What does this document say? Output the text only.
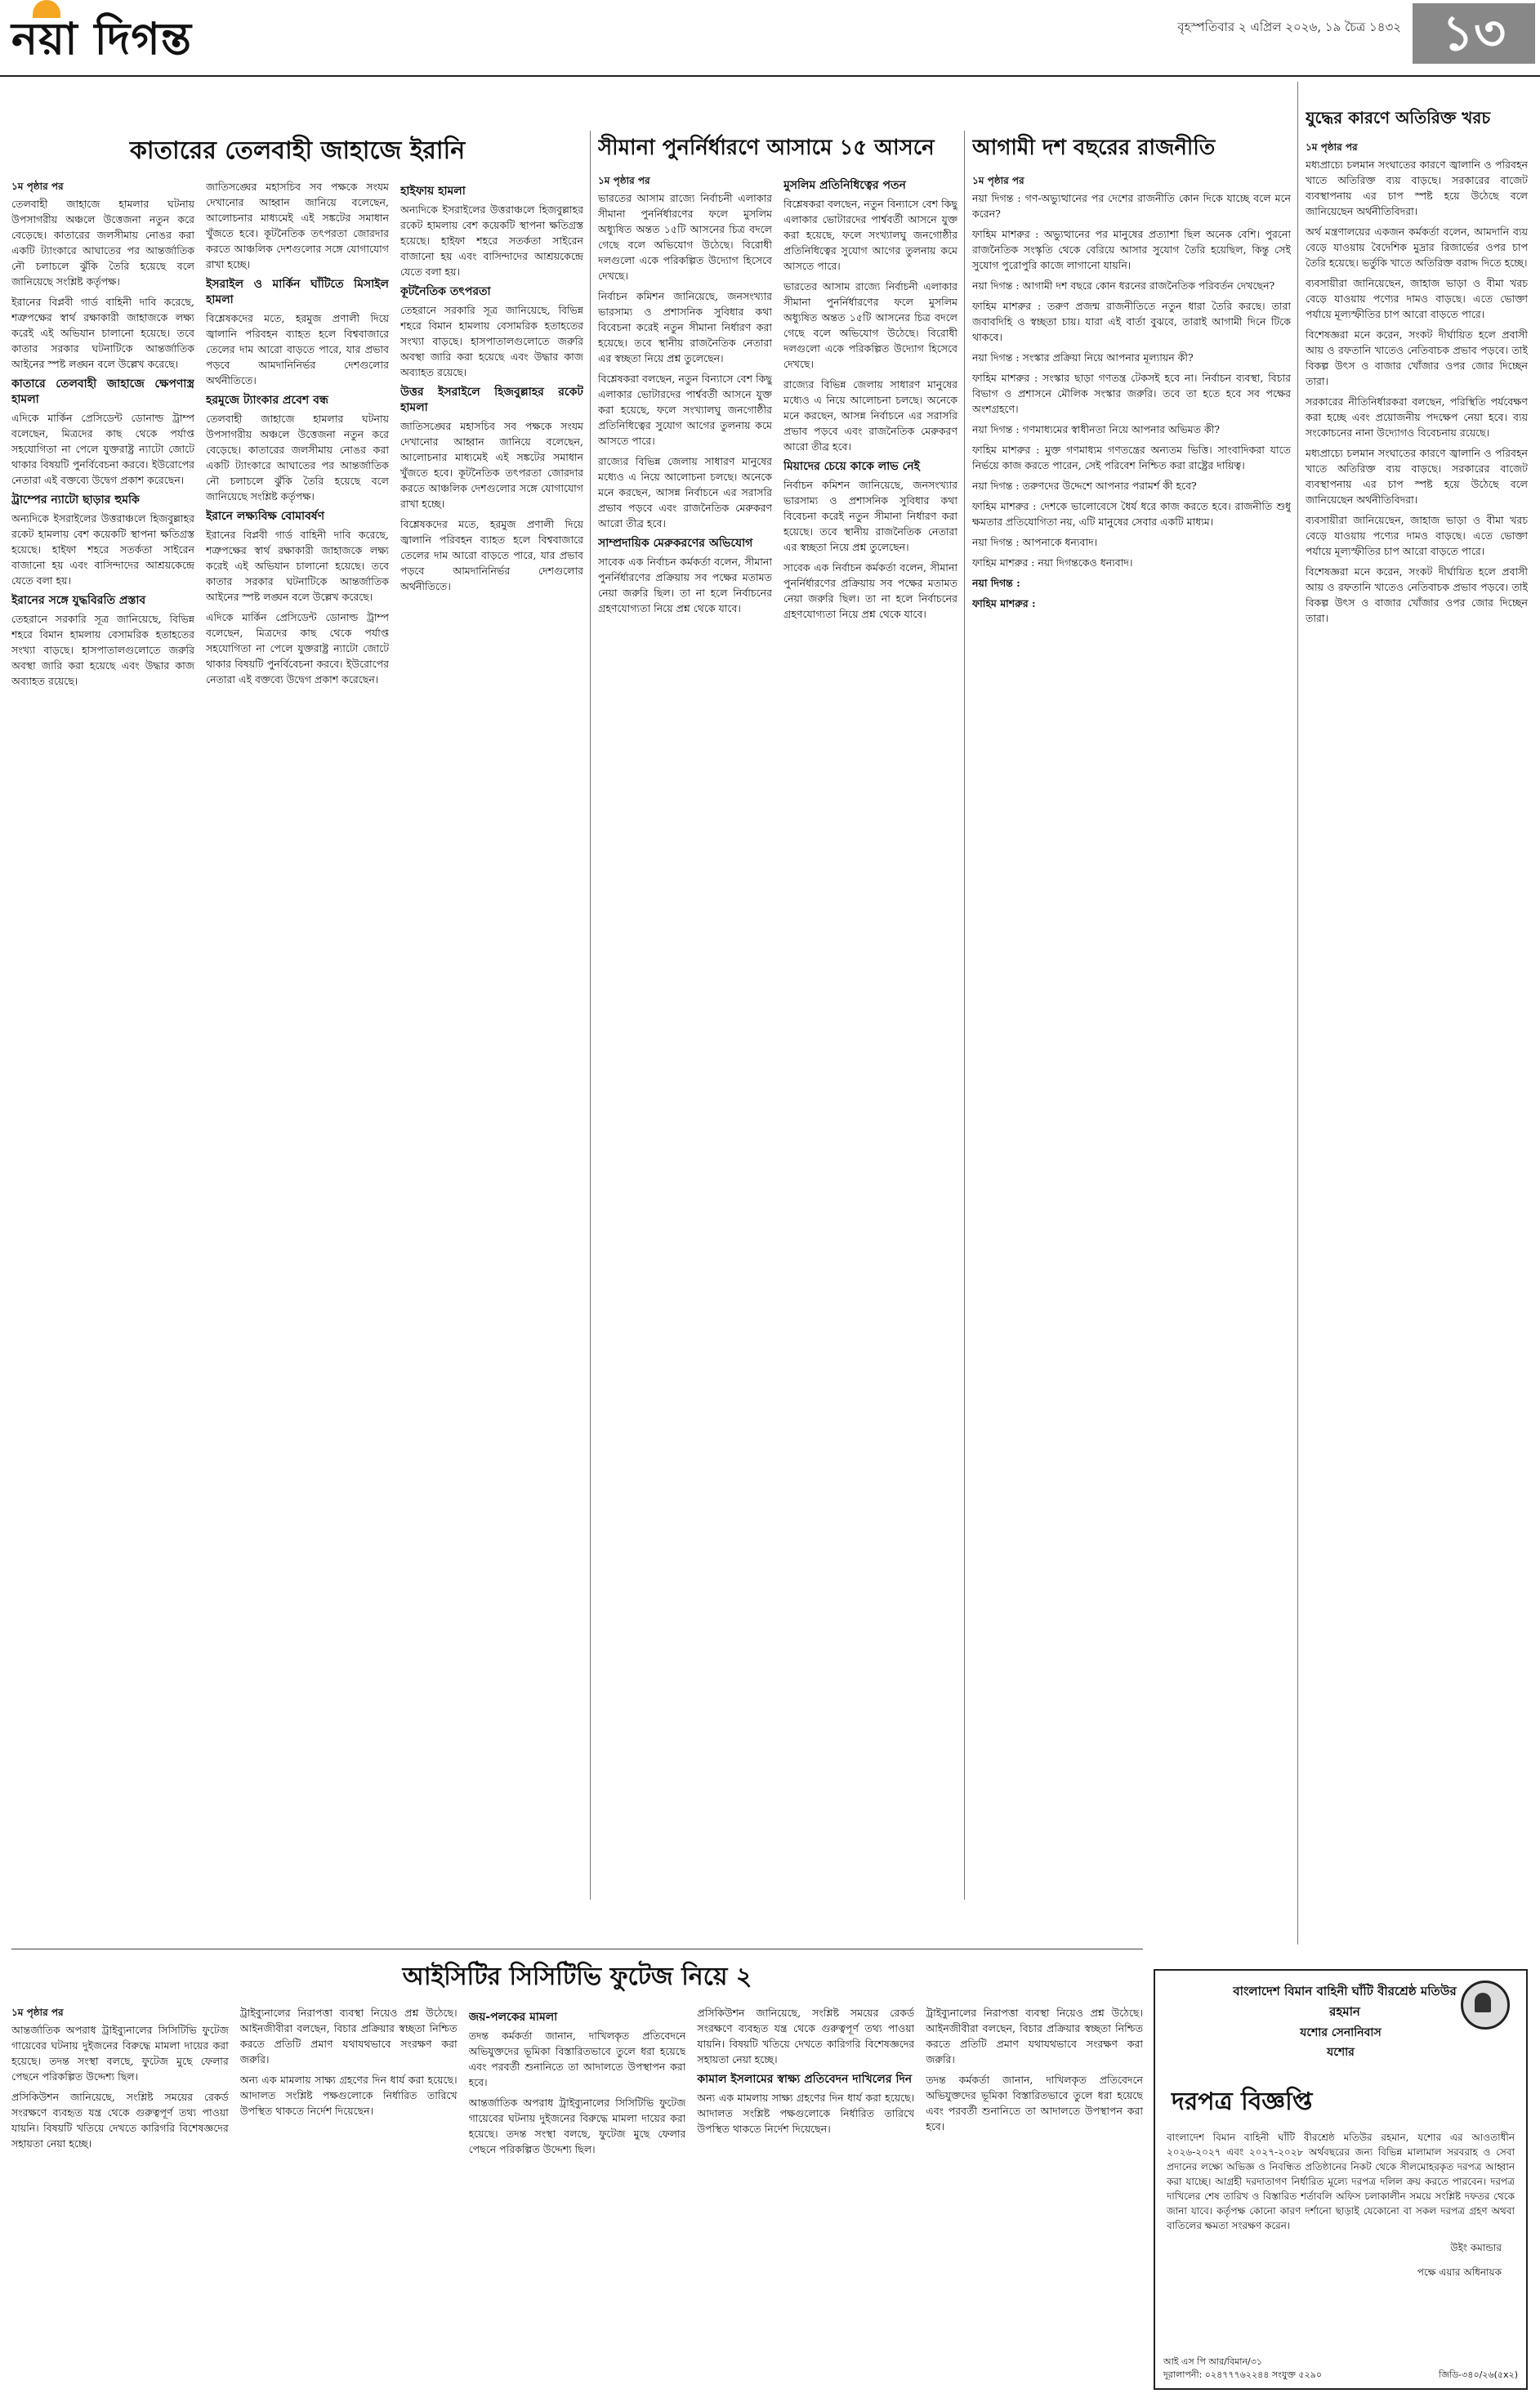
নয়া দিগন্ত	বৃহস্পতিবার ২ এপ্রিল ২০২৬, ১৯ চৈত্র ১৪৩২ ১৩
কাতারের তেলবাহী জাহাজে ইরানি
১ম পৃষ্ঠার পর

তেলবাহী জাহাজে হামলার ঘটনায় উপসাগরীয় অঞ্চলে উত্তেজনা নতুন করে বেড়েছে। কাতারের জলসীমায় নোঙর করা একটি ট্যাংকারে আঘাতের পর আন্তর্জাতিক নৌ চলাচলে ঝুঁকি তৈরি হয়েছে বলে জানিয়েছে সংশ্লিষ্ট কর্তৃপক্ষ।

ইরানের বিপ্লবী গার্ড বাহিনী দাবি করেছে, শত্রুপক্ষের স্বার্থ রক্ষাকারী জাহাজকে লক্ষ্য করেই এই অভিযান চালানো হয়েছে। তবে কাতার সরকার ঘটনাটিকে আন্তর্জাতিক আইনের স্পষ্ট লঙ্ঘন বলে উল্লেখ করেছে।

কাতারে তেলবাহী জাহাজে ক্ষেপণাস্ত্র হামলা

এদিকে মার্কিন প্রেসিডেন্ট ডোনাল্ড ট্রাম্প বলেছেন, মিত্রদের কাছ থেকে পর্যাপ্ত সহযোগিতা না পেলে যুক্তরাষ্ট্র ন্যাটো জোটে থাকার বিষয়টি পুনর্বিবেচনা করবে। ইউরোপের নেতারা এই বক্তব্যে উদ্বেগ প্রকাশ করেছেন।

ট্রাম্পের ন্যাটো ছাড়ার হুমকি

অন্যদিকে ইসরাইলের উত্তরাঞ্চলে হিজবুল্লাহর রকেট হামলায় বেশ কয়েকটি স্থাপনা ক্ষতিগ্রস্ত হয়েছে। হাইফা শহরে সতর্কতা সাইরেন বাজানো হয় এবং বাসিন্দাদের আশ্রয়কেন্দ্রে যেতে বলা হয়।

ইরানের সঙ্গে যুদ্ধবিরতি প্রস্তাব

তেহরানে সরকারি সূত্র জানিয়েছে, বিভিন্ন শহরে বিমান হামলায় বেসামরিক হতাহতের সংখ্যা বাড়ছে। হাসপাতালগুলোতে জরুরি অবস্থা জারি করা হয়েছে এবং উদ্ধার কাজ অব্যাহত রয়েছে।

জাতিসঙ্ঘের মহাসচিব সব পক্ষকে সংযম দেখানোর আহ্বান জানিয়ে বলেছেন, আলোচনার মাধ্যমেই এই সঙ্কটের সমাধান খুঁজতে হবে। কূটনৈতিক তৎপরতা জোরদার করতে আঞ্চলিক দেশগুলোর সঙ্গে যোগাযোগ রাখা হচ্ছে।

ইসরাইল ও মার্কিন ঘাঁটিতে মিসাইল হামলা

বিশ্লেষকদের মতে, হরমুজ প্রণালী দিয়ে জ্বালানি পরিবহন ব্যাহত হলে বিশ্ববাজারে তেলের দাম আরো বাড়তে পারে, যার প্রভাব পড়বে আমদানিনির্ভর দেশগুলোর অর্থনীতিতে।

হরমুজে ট্যাংকার প্রবেশ বন্ধ

তেলবাহী জাহাজে হামলার ঘটনায় উপসাগরীয় অঞ্চলে উত্তেজনা নতুন করে বেড়েছে। কাতারের জলসীমায় নোঙর করা একটি ট্যাংকারে আঘাতের পর আন্তর্জাতিক নৌ চলাচলে ঝুঁকি তৈরি হয়েছে বলে জানিয়েছে সংশ্লিষ্ট কর্তৃপক্ষ।

ইরানে লক্ষ্যবিক্ষ বোমাবর্ষণ

ইরানের বিপ্লবী গার্ড বাহিনী দাবি করেছে, শত্রুপক্ষের স্বার্থ রক্ষাকারী জাহাজকে লক্ষ্য করেই এই অভিযান চালানো হয়েছে। তবে কাতার সরকার ঘটনাটিকে আন্তর্জাতিক আইনের স্পষ্ট লঙ্ঘন বলে উল্লেখ করেছে।

এদিকে মার্কিন প্রেসিডেন্ট ডোনাল্ড ট্রাম্প বলেছেন, মিত্রদের কাছ থেকে পর্যাপ্ত সহযোগিতা না পেলে যুক্তরাষ্ট্র ন্যাটো জোটে থাকার বিষয়টি পুনর্বিবেচনা করবে। ইউরোপের নেতারা এই বক্তব্যে উদ্বেগ প্রকাশ করেছেন।

হাইফায় হামলা

অন্যদিকে ইসরাইলের উত্তরাঞ্চলে হিজবুল্লাহর রকেট হামলায় বেশ কয়েকটি স্থাপনা ক্ষতিগ্রস্ত হয়েছে। হাইফা শহরে সতর্কতা সাইরেন বাজানো হয় এবং বাসিন্দাদের আশ্রয়কেন্দ্রে যেতে বলা হয়।

কূটনৈতিক তৎপরতা

তেহরানে সরকারি সূত্র জানিয়েছে, বিভিন্ন শহরে বিমান হামলায় বেসামরিক হতাহতের সংখ্যা বাড়ছে। হাসপাতালগুলোতে জরুরি অবস্থা জারি করা হয়েছে এবং উদ্ধার কাজ অব্যাহত রয়েছে।

উত্তর ইসরাইলে হিজবুল্লাহর রকেট হামলা

জাতিসঙ্ঘের মহাসচিব সব পক্ষকে সংযম দেখানোর আহ্বান জানিয়ে বলেছেন, আলোচনার মাধ্যমেই এই সঙ্কটের সমাধান খুঁজতে হবে। কূটনৈতিক তৎপরতা জোরদার করতে আঞ্চলিক দেশগুলোর সঙ্গে যোগাযোগ রাখা হচ্ছে।

বিশ্লেষকদের মতে, হরমুজ প্রণালী দিয়ে জ্বালানি পরিবহন ব্যাহত হলে বিশ্ববাজারে তেলের দাম আরো বাড়তে পারে, যার প্রভাব পড়বে আমদানিনির্ভর দেশগুলোর অর্থনীতিতে।

সীমানা পুনর্নির্ধারণে আসামে ১৫ আসনে
১ম পৃষ্ঠার পর

ভারতের আসাম রাজ্যে নির্বাচনী এলাকার সীমানা পুনর্নির্ধারণের ফলে মুসলিম অধ্যুষিত অন্তত ১৫টি আসনের চিত্র বদলে গেছে বলে অভিযোগ উঠেছে। বিরোধী দলগুলো একে পরিকল্পিত উদ্যোগ হিসেবে দেখছে।

নির্বাচন কমিশন জানিয়েছে, জনসংখ্যার ভারসাম্য ও প্রশাসনিক সুবিধার কথা বিবেচনা করেই নতুন সীমানা নির্ধারণ করা হয়েছে। তবে স্থানীয় রাজনৈতিক নেতারা এর স্বচ্ছতা নিয়ে প্রশ্ন তুলেছেন।

বিশ্লেষকরা বলছেন, নতুন বিন্যাসে বেশ কিছু এলাকার ভোটারদের পার্শ্ববর্তী আসনে যুক্ত করা হয়েছে, ফলে সংখ্যালঘু জনগোষ্ঠীর প্রতিনিধিত্বের সুযোগ আগের তুলনায় কমে আসতে পারে।

রাজ্যের বিভিন্ন জেলায় সাধারণ মানুষের মধ্যেও এ নিয়ে আলোচনা চলছে। অনেকে মনে করছেন, আসন্ন নির্বাচনে এর সরাসরি প্রভাব পড়বে এবং রাজনৈতিক মেরুকরণ আরো তীব্র হবে।

সাম্প্রদায়িক মেরুকরণের অভিযোগ

সাবেক এক নির্বাচন কর্মকর্তা বলেন, সীমানা পুনর্নির্ধারণের প্রক্রিয়ায় সব পক্ষের মতামত নেয়া জরুরি ছিল। তা না হলে নির্বাচনের গ্রহণযোগ্যতা নিয়ে প্রশ্ন থেকে যাবে।

মুসলিম প্রতিনিধিত্বের পতন

বিশ্লেষকরা বলছেন, নতুন বিন্যাসে বেশ কিছু এলাকার ভোটারদের পার্শ্ববর্তী আসনে যুক্ত করা হয়েছে, ফলে সংখ্যালঘু জনগোষ্ঠীর প্রতিনিধিত্বের সুযোগ আগের তুলনায় কমে আসতে পারে।

ভারতের আসাম রাজ্যে নির্বাচনী এলাকার সীমানা পুনর্নির্ধারণের ফলে মুসলিম অধ্যুষিত অন্তত ১৫টি আসনের চিত্র বদলে গেছে বলে অভিযোগ উঠেছে। বিরোধী দলগুলো একে পরিকল্পিত উদ্যোগ হিসেবে দেখছে।

রাজ্যের বিভিন্ন জেলায় সাধারণ মানুষের মধ্যেও এ নিয়ে আলোচনা চলছে। অনেকে মনে করছেন, আসন্ন নির্বাচনে এর সরাসরি প্রভাব পড়বে এবং রাজনৈতিক মেরুকরণ আরো তীব্র হবে।

মিয়াদের চেয়ে কাকে লাভ নেই

নির্বাচন কমিশন জানিয়েছে, জনসংখ্যার ভারসাম্য ও প্রশাসনিক সুবিধার কথা বিবেচনা করেই নতুন সীমানা নির্ধারণ করা হয়েছে। তবে স্থানীয় রাজনৈতিক নেতারা এর স্বচ্ছতা নিয়ে প্রশ্ন তুলেছেন।

সাবেক এক নির্বাচন কর্মকর্তা বলেন, সীমানা পুনর্নির্ধারণের প্রক্রিয়ায় সব পক্ষের মতামত নেয়া জরুরি ছিল। তা না হলে নির্বাচনের গ্রহণযোগ্যতা নিয়ে প্রশ্ন থেকে যাবে।

আগামী দশ বছরের রাজনীতি
১ম পৃষ্ঠার পর

নয়া দিগন্ত : গণ-অভ্যুত্থানের পর দেশের রাজনীতি কোন দিকে যাচ্ছে বলে মনে করেন?

ফাহিম মাশরুর : অভ্যুত্থানের পর মানুষের প্রত্যাশা ছিল অনেক বেশি। পুরনো রাজনৈতিক সংস্কৃতি থেকে বেরিয়ে আসার সুযোগ তৈরি হয়েছিল, কিন্তু সেই সুযোগ পুরোপুরি কাজে লাগানো যায়নি।

নয়া দিগন্ত : আগামী দশ বছরে কোন ধরনের রাজনৈতিক পরিবর্তন দেখছেন?

ফাহিম মাশরুর : তরুণ প্রজন্ম রাজনীতিতে নতুন ধারা তৈরি করছে। তারা জবাবদিহি ও স্বচ্ছতা চায়। যারা এই বার্তা বুঝবে, তারাই আগামী দিনে টিকে থাকবে।

নয়া দিগন্ত : সংস্কার প্রক্রিয়া নিয়ে আপনার মূল্যায়ন কী?

ফাহিম মাশরুর : সংস্কার ছাড়া গণতন্ত্র টেকসই হবে না। নির্বাচন ব্যবস্থা, বিচার বিভাগ ও প্রশাসনে মৌলিক সংস্কার জরুরি। তবে তা হতে হবে সব পক্ষের অংশগ্রহণে।

নয়া দিগন্ত : গণমাধ্যমের স্বাধীনতা নিয়ে আপনার অভিমত কী?

ফাহিম মাশরুর : মুক্ত গণমাধ্যম গণতন্ত্রের অন্যতম ভিত্তি। সাংবাদিকরা যাতে নির্ভয়ে কাজ করতে পারেন, সেই পরিবেশ নিশ্চিত করা রাষ্ট্রের দায়িত্ব।

নয়া দিগন্ত : তরুণদের উদ্দেশে আপনার পরামর্শ কী হবে?

ফাহিম মাশরুর : দেশকে ভালোবেসে ধৈর্য ধরে কাজ করতে হবে। রাজনীতি শুধু ক্ষমতার প্রতিযোগিতা নয়, এটি মানুষের সেবার একটি মাধ্যম।

নয়া দিগন্ত : আপনাকে ধন্যবাদ।

ফাহিম মাশরুর : নয়া দিগন্তকেও ধন্যবাদ।

নয়া দিগন্ত :

ফাহিম মাশরুর :

যুদ্ধের কারণে অতিরিক্ত খরচ
১ম পৃষ্ঠার পর

মধ্যপ্রাচ্যে চলমান সংঘাতের কারণে জ্বালানি ও পরিবহন খাতে অতিরিক্ত ব্যয় বাড়ছে। সরকারের বাজেট ব্যবস্থাপনায় এর চাপ স্পষ্ট হয়ে উঠেছে বলে জানিয়েছেন অর্থনীতিবিদরা।

অর্থ মন্ত্রণালয়ের একজন কর্মকর্তা বলেন, আমদানি ব্যয় বেড়ে যাওয়ায় বৈদেশিক মুদ্রার রিজার্ভের ওপর চাপ তৈরি হয়েছে। ভর্তুকি খাতে অতিরিক্ত বরাদ্দ দিতে হচ্ছে।

ব্যবসায়ীরা জানিয়েছেন, জাহাজ ভাড়া ও বীমা খরচ বেড়ে যাওয়ায় পণ্যের দামও বাড়ছে। এতে ভোক্তা পর্যায়ে মূল্যস্ফীতির চাপ আরো বাড়তে পারে।

বিশেষজ্ঞরা মনে করেন, সংকট দীর্ঘায়িত হলে প্রবাসী আয় ও রফতানি খাতেও নেতিবাচক প্রভাব পড়বে। তাই বিকল্প উৎস ও বাজার খোঁজার ওপর জোর দিচ্ছেন তারা।

সরকারের নীতিনির্ধারকরা বলছেন, পরিস্থিতি পর্যবেক্ষণ করা হচ্ছে এবং প্রয়োজনীয় পদক্ষেপ নেয়া হবে। ব্যয় সংকোচনের নানা উদ্যোগও বিবেচনায় রয়েছে।

মধ্যপ্রাচ্যে চলমান সংঘাতের কারণে জ্বালানি ও পরিবহন খাতে অতিরিক্ত ব্যয় বাড়ছে। সরকারের বাজেট ব্যবস্থাপনায় এর চাপ স্পষ্ট হয়ে উঠেছে বলে জানিয়েছেন অর্থনীতিবিদরা।

ব্যবসায়ীরা জানিয়েছেন, জাহাজ ভাড়া ও বীমা খরচ বেড়ে যাওয়ায় পণ্যের দামও বাড়ছে। এতে ভোক্তা পর্যায়ে মূল্যস্ফীতির চাপ আরো বাড়তে পারে।

বিশেষজ্ঞরা মনে করেন, সংকট দীর্ঘায়িত হলে প্রবাসী আয় ও রফতানি খাতেও নেতিবাচক প্রভাব পড়বে। তাই বিকল্প উৎস ও বাজার খোঁজার ওপর জোর দিচ্ছেন তারা।

আইসিটির সিসিটিভি ফুটেজ নিয়ে ২
১ম পৃষ্ঠার পর

আন্তর্জাতিক অপরাধ ট্রাইব্যুনালের সিসিটিভি ফুটেজ গায়েবের ঘটনায় দুইজনের বিরুদ্ধে মামলা দায়ের করা হয়েছে। তদন্ত সংস্থা বলছে, ফুটেজ মুছে ফেলার পেছনে পরিকল্পিত উদ্দেশ্য ছিল।

প্রসিকিউশন জানিয়েছে, সংশ্লিষ্ট সময়ের রেকর্ড সংরক্ষণে ব্যবহৃত যন্ত্র থেকে গুরুত্বপূর্ণ তথ্য পাওয়া যায়নি। বিষয়টি খতিয়ে দেখতে কারিগরি বিশেষজ্ঞদের সহায়তা নেয়া হচ্ছে।

ট্রাইব্যুনালের নিরাপত্তা ব্যবস্থা নিয়েও প্রশ্ন উঠেছে। আইনজীবীরা বলছেন, বিচার প্রক্রিয়ার স্বচ্ছতা নিশ্চিত করতে প্রতিটি প্রমাণ যথাযথভাবে সংরক্ষণ করা জরুরি।

অন্য এক মামলায় সাক্ষ্য গ্রহণের দিন ধার্য করা হয়েছে। আদালত সংশ্লিষ্ট পক্ষগুলোকে নির্ধারিত তারিখে উপস্থিত থাকতে নির্দেশ দিয়েছেন।

জয়-পলকের মামলা

তদন্ত কর্মকর্তা জানান, দাখিলকৃত প্রতিবেদনে অভিযুক্তদের ভূমিকা বিস্তারিতভাবে তুলে ধরা হয়েছে এবং পরবর্তী শুনানিতে তা আদালতে উপস্থাপন করা হবে।

আন্তর্জাতিক অপরাধ ট্রাইব্যুনালের সিসিটিভি ফুটেজ গায়েবের ঘটনায় দুইজনের বিরুদ্ধে মামলা দায়ের করা হয়েছে। তদন্ত সংস্থা বলছে, ফুটেজ মুছে ফেলার পেছনে পরিকল্পিত উদ্দেশ্য ছিল।

প্রসিকিউশন জানিয়েছে, সংশ্লিষ্ট সময়ের রেকর্ড সংরক্ষণে ব্যবহৃত যন্ত্র থেকে গুরুত্বপূর্ণ তথ্য পাওয়া যায়নি। বিষয়টি খতিয়ে দেখতে কারিগরি বিশেষজ্ঞদের সহায়তা নেয়া হচ্ছে।

কামাল ইসলামের স্বাক্ষ্য প্রতিবেদন দাখিলের দিন

অন্য এক মামলায় সাক্ষ্য গ্রহণের দিন ধার্য করা হয়েছে। আদালত সংশ্লিষ্ট পক্ষগুলোকে নির্ধারিত তারিখে উপস্থিত থাকতে নির্দেশ দিয়েছেন।

ট্রাইব্যুনালের নিরাপত্তা ব্যবস্থা নিয়েও প্রশ্ন উঠেছে। আইনজীবীরা বলছেন, বিচার প্রক্রিয়ার স্বচ্ছতা নিশ্চিত করতে প্রতিটি প্রমাণ যথাযথভাবে সংরক্ষণ করা জরুরি।

তদন্ত কর্মকর্তা জানান, দাখিলকৃত প্রতিবেদনে অভিযুক্তদের ভূমিকা বিস্তারিতভাবে তুলে ধরা হয়েছে এবং পরবর্তী শুনানিতে তা আদালতে উপস্থাপন করা হবে।

বাংলাদেশ বিমান বাহিনী ঘাঁটি বীরশ্রেষ্ঠ মতিউর রহমান
যশোর সেনানিবাস
যশোর
দরপত্র বিজ্ঞপ্তি
বাংলাদেশ বিমান বাহিনী ঘাঁটি বীরশ্রেষ্ঠ মতিউর রহমান, যশোর এর আওতাধীন ২০২৬-২০২৭ এবং ২০২৭-২০২৮ অর্থবছরের জন্য বিভিন্ন মালামাল সরবরাহ ও সেবা প্রদানের লক্ষ্যে অভিজ্ঞ ও নিবন্ধিত প্রতিষ্ঠানের নিকট থেকে সীলমোহরকৃত দরপত্র আহ্বান করা যাচ্ছে। আগ্রহী দরদাতাগণ নির্ধারিত মূল্যে দরপত্র দলিল ক্রয় করতে পারবেন। দরপত্র দাখিলের শেষ তারিখ ও বিস্তারিত শর্তাবলি অফিস চলাকালীন সময়ে সংশ্লিষ্ট দফতর থেকে জানা যাবে। কর্তৃপক্ষ কোনো কারণ দর্শানো ছাড়াই যেকোনো বা সকল দরপত্র গ্রহণ অথবা বাতিলের ক্ষমতা সংরক্ষণ করেন।
উইং কমান্ডার
পক্ষে এয়ার অধিনায়ক
দূরালাপনী: ০২৪৭৭৭৬২২৪৪ সংযুক্ত ৫২৯০	জিডি-৩৪০/২৬(৫x২)
আই এস পি আর/বিমান/৩১
